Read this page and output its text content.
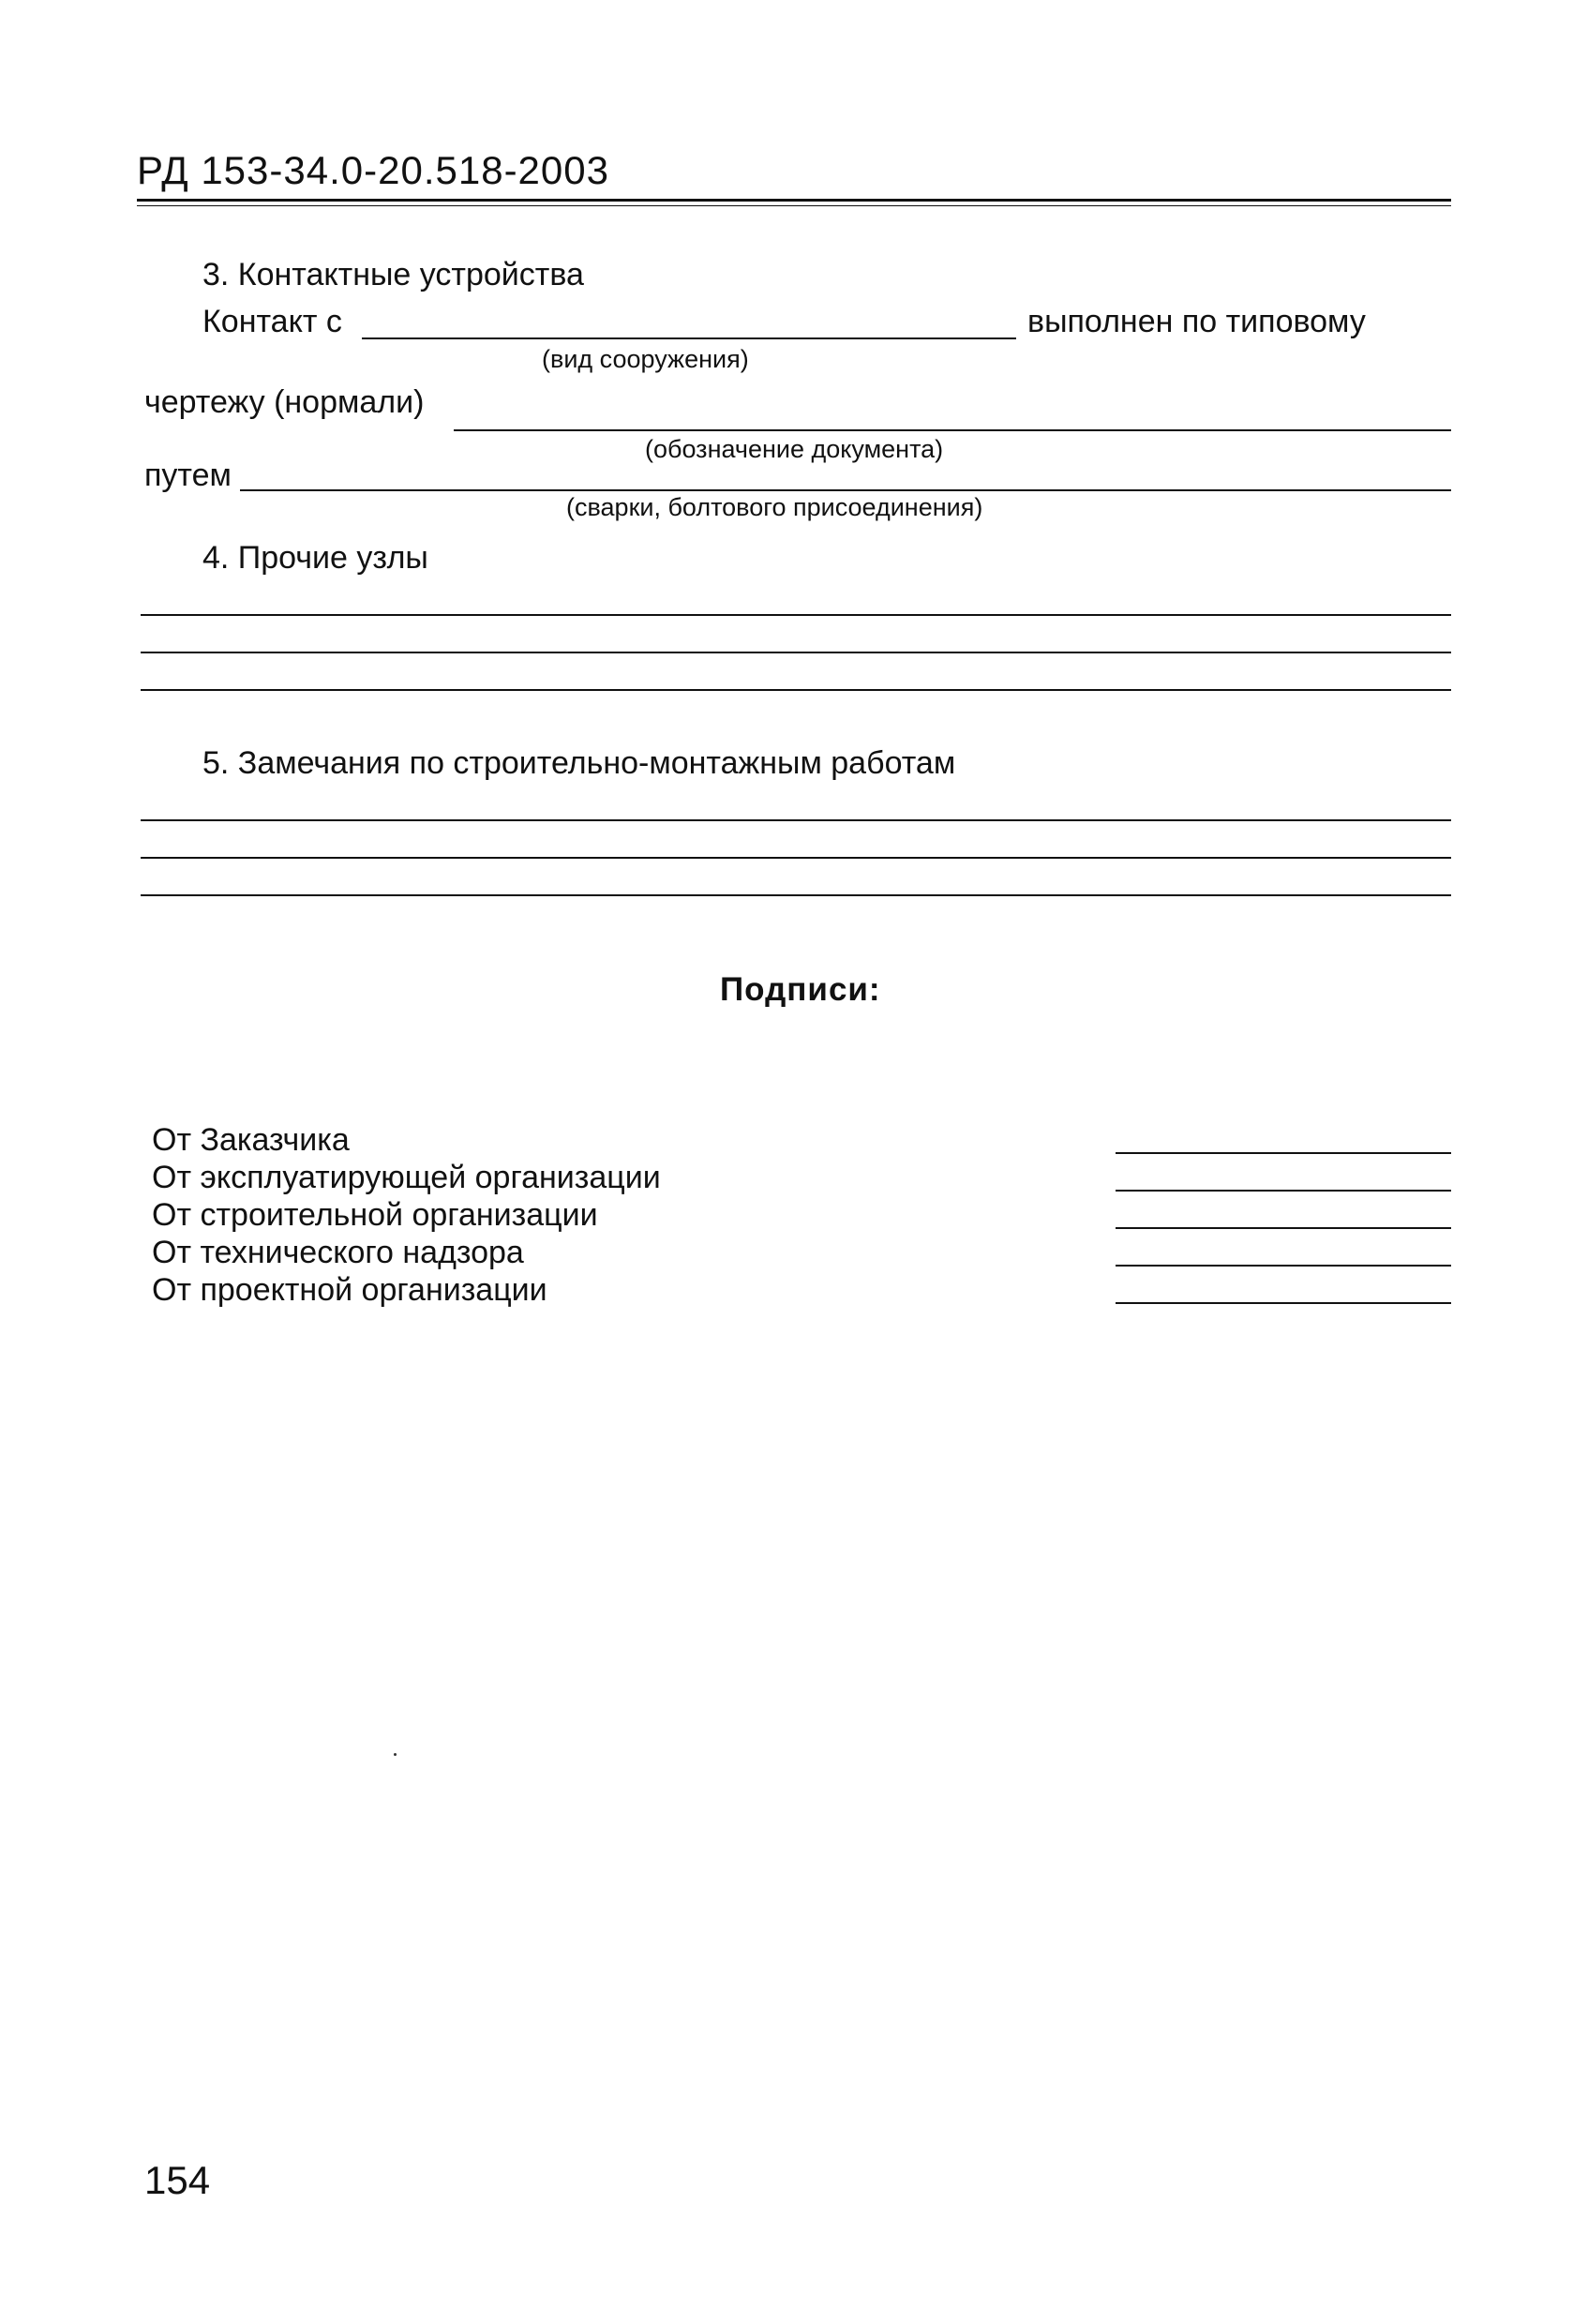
РД 153-34.0-20.518-2003
3. Контактные устройства
Контакт с	выполнен по типовому
(вид сооружения)
чертежу (нормали)
(обозначение документа)
путем
(сварки, болтового присоединения)
4. Прочие узлы
5. Замечания по строительно-монтажным работам
Подписи:
От Заказчика
От эксплуатирующей организации
От строительной организации
От технического надзора
От проектной организации
154
